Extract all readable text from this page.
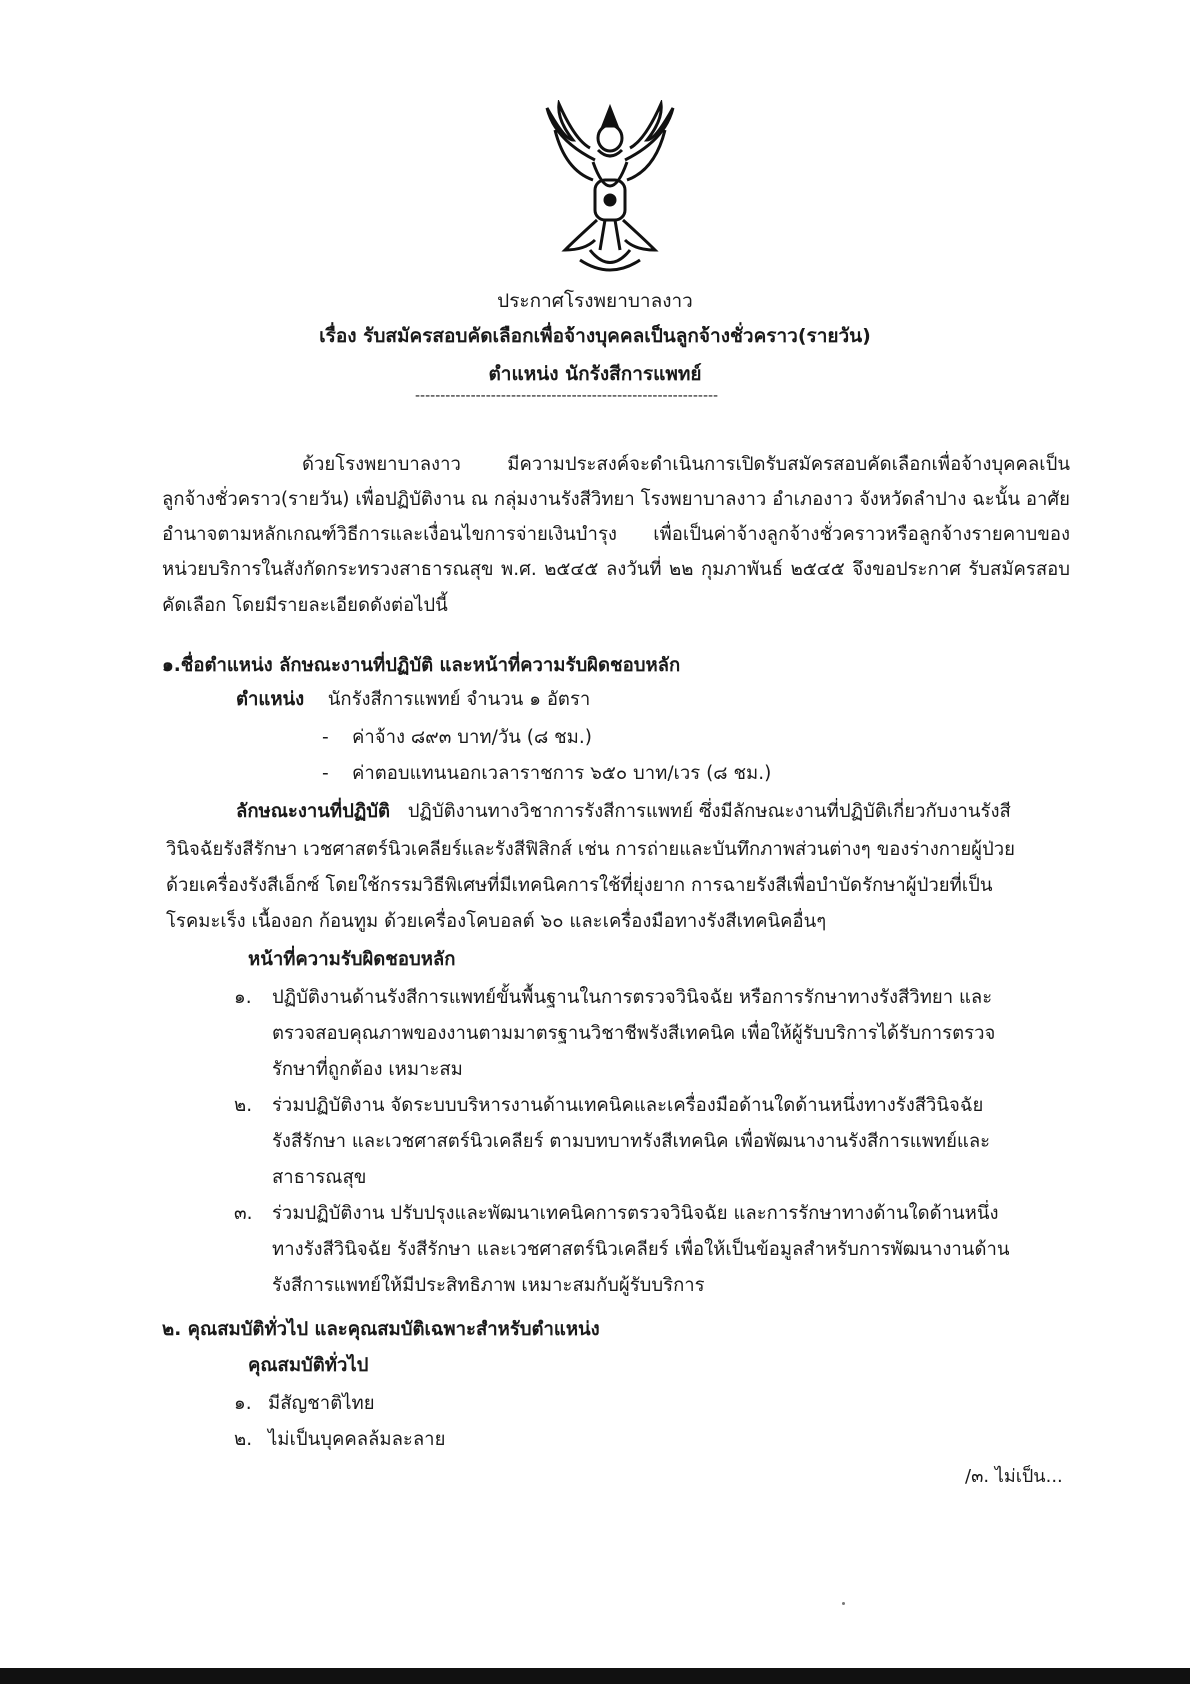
ประกาศโรงพยาบาลงาว
เรื่อง รับสมัครสอบคัดเลือกเพื่อจ้างบุคคลเป็นลูกจ้างชั่วคราว(รายวัน)
ตำแหน่ง นักรังสีการแพทย์
------------------------------------------------------------
ด้วยโรงพยาบาลงาว มีความประสงค์จะดำเนินการเปิดรับสมัครสอบคัดเลือกเพื่อจ้างบุคคลเป็นลูกจ้างชั่วคราว(รายวัน) เพื่อปฏิบัติงาน ณ กลุ่มงานรังสีวิทยา โรงพยาบาลงาว อำเภองาว จังหวัดลำปาง ฉะนั้น อาศัยอำนาจตามหลักเกณฑ์วิธีการและเงื่อนไขการจ่ายเงินบำรุง เพื่อเป็นค่าจ้างลูกจ้างชั่วคราวหรือลูกจ้างรายคาบของหน่วยบริการในสังกัดกระทรวงสาธารณสุข พ.ศ. ๒๕๔๕ ลงวันที่ ๒๒ กุมภาพันธ์ ๒๕๔๕ จึงขอประกาศ รับสมัครสอบคัดเลือก โดยมีรายละเอียดดังต่อไปนี้
๑.ชื่อตำแหน่ง ลักษณะงานที่ปฏิบัติ และหน้าที่ความรับผิดชอบหลัก
ตำแหน่ง นักรังสีการแพทย์ จำนวน ๑ อัตรา
- ค่าจ้าง ๘๙๓ บาท/วัน (๘ ชม.)
- ค่าตอบแทนนอกเวลาราชการ ๖๕๐ บาท/เวร (๘ ชม.)
ลักษณะงานที่ปฏิบัติ ปฏิบัติงานทางวิชาการรังสีการแพทย์ ซึ่งมีลักษณะงานที่ปฏิบัติเกี่ยวกับงานรังสี
วินิจฉัยรังสีรักษา เวชศาสตร์นิวเคลียร์และรังสีฟิสิกส์ เช่น การถ่ายและบันทึกภาพส่วนต่างๆ ของร่างกายผู้ป่วย
ด้วยเครื่องรังสีเอ็กซ์ โดยใช้กรรมวิธีพิเศษที่มีเทคนิคการใช้ที่ยุ่งยาก การฉายรังสีเพื่อบำบัดรักษาผู้ป่วยที่เป็น
โรคมะเร็ง เนื้องอก ก้อนทูม ด้วยเครื่องโคบอลต์ ๖๐ และเครื่องมือทางรังสีเทคนิคอื่นๆ
หน้าที่ความรับผิดชอบหลัก
๑. ปฏิบัติงานด้านรังสีการแพทย์ขั้นพื้นฐานในการตรวจวินิจฉัย หรือการรักษาทางรังสีวิทยา และ
ตรวจสอบคุณภาพของงานตามมาตรฐานวิชาชีพรังสีเทคนิค เพื่อให้ผู้รับบริการได้รับการตรวจ
รักษาที่ถูกต้อง เหมาะสม
๒. ร่วมปฏิบัติงาน จัดระบบบริหารงานด้านเทคนิคและเครื่องมือด้านใดด้านหนึ่งทางรังสีวินิจฉัย
รังสีรักษา และเวชศาสตร์นิวเคลียร์ ตามบทบาทรังสีเทคนิค เพื่อพัฒนางานรังสีการแพทย์และ
สาธารณสุข
๓. ร่วมปฏิบัติงาน ปรับปรุงและพัฒนาเทคนิคการตรวจวินิจฉัย และการรักษาทางด้านใดด้านหนึ่ง
ทางรังสีวินิจฉัย รังสีรักษา และเวชศาสตร์นิวเคลียร์ เพื่อให้เป็นข้อมูลสำหรับการพัฒนางานด้าน
รังสีการแพทย์ให้มีประสิทธิภาพ เหมาะสมกับผู้รับบริการ
๒. คุณสมบัติทั่วไป และคุณสมบัติเฉพาะสำหรับตำแหน่ง
คุณสมบัติทั่วไป
๑. มีสัญชาติไทย
๒. ไม่เป็นบุคคลล้มละลาย
/๓. ไม่เป็น...
